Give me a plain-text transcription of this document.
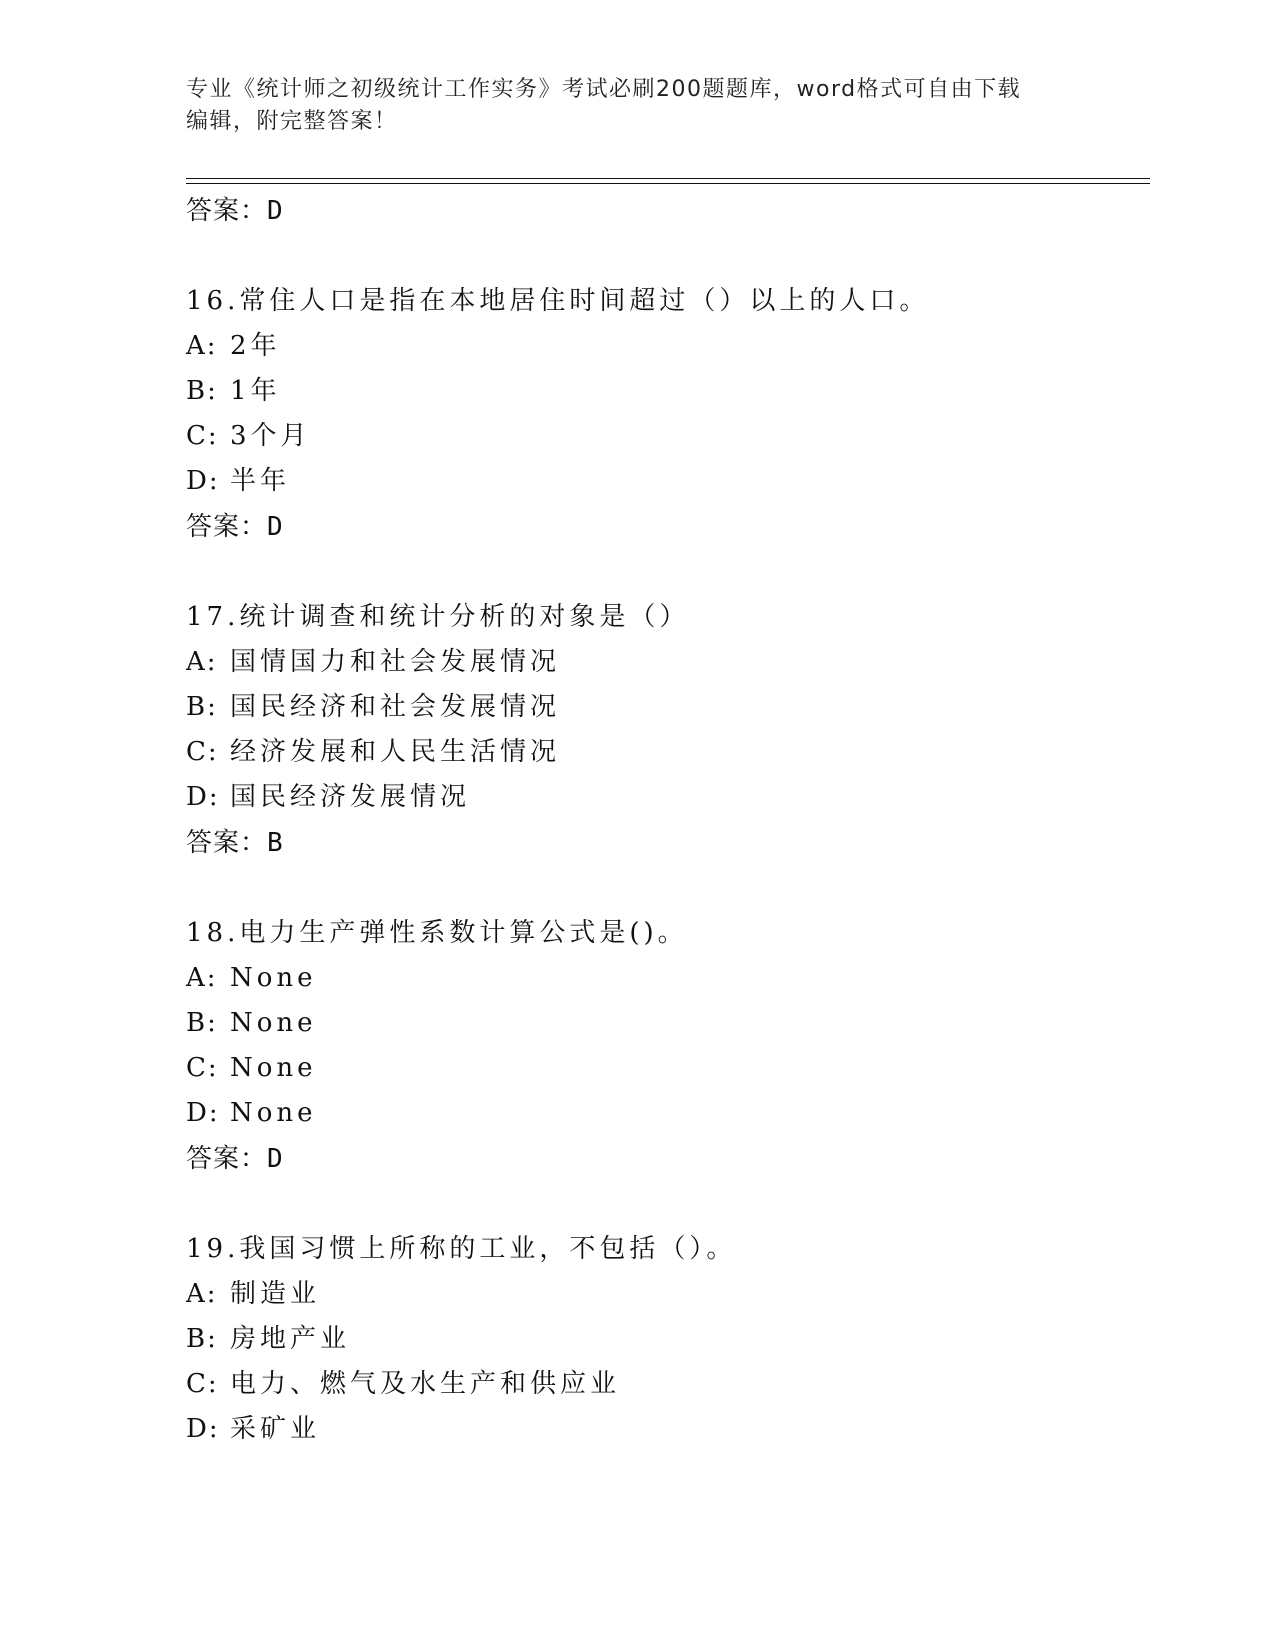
专业《统计师之初级统计工作实务》考试必刷200题题库，word格式可自由下载
编辑，附完整答案！
答案：D
16.常住人口是指在本地居住时间超过（）以上的人口。
A: 2年
B: 1年
C: 3个月
D: 半年
答案：D
17.统计调查和统计分析的对象是（）
A: 国情国力和社会发展情况
B: 国民经济和社会发展情况
C: 经济发展和人民生活情况
D: 国民经济发展情况
答案：B
18.电力生产弹性系数计算公式是()。
A: None
B: None
C: None
D: None
答案：D
19.我国习惯上所称的工业，不包括（）。
A: 制造业
B: 房地产业
C: 电力、燃气及水生产和供应业
D: 采矿业
